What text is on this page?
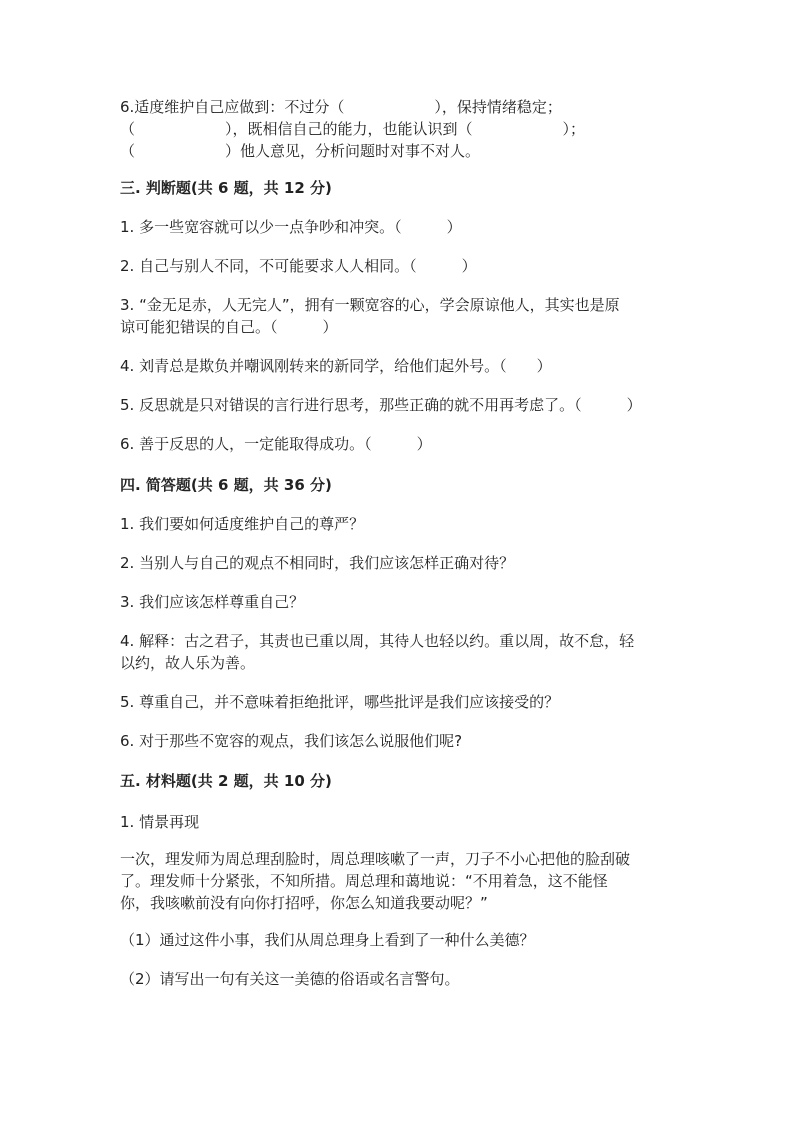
6.适度维护自己应做到：不过分（　　　　　　），保持情绪稳定；
（　　　　　　），既相信自己的能力，也能认识到（　　　　　　）；
（　　　　　　）他人意见，分析问题时对事不对人。
三. 判断题(共 6 题，共 12 分)
1. 多一些宽容就可以少一点争吵和冲突。（　　　）
2. 自己与别人不同，不可能要求人人相同。（　　　）
3. “金无足赤，人无完人”，拥有一颗宽容的心，学会原谅他人，其实也是原
谅可能犯错误的自己。（　　　）
4. 刘青总是欺负并嘲讽刚转来的新同学，给他们起外号。（　　）
5. 反思就是只对错误的言行进行思考，那些正确的就不用再考虑了。（　　　）
6. 善于反思的人，一定能取得成功。（　　　）
四. 简答题(共 6 题，共 36 分)
1. 我们要如何适度维护自己的尊严？
2. 当别人与自己的观点不相同时，我们应该怎样正确对待？
3. 我们应该怎样尊重自己？
4. 解释：古之君子，其责也已重以周，其待人也轻以约。重以周，故不怠，轻
以约，故人乐为善。
5. 尊重自己，并不意味着拒绝批评，哪些批评是我们应该接受的？
6. 对于那些不宽容的观点，我们该怎么说服他们呢?
五. 材料题(共 2 题，共 10 分)
1. 情景再现
一次，理发师为周总理刮脸时，周总理咳嗽了一声，刀子不小心把他的脸刮破
了。理发师十分紧张，不知所措。周总理和蔼地说：“不用着急，这不能怪
你，我咳嗽前没有向你打招呼，你怎么知道我要动呢？”
（1）通过这件小事，我们从周总理身上看到了一种什么美德？
（2）请写出一句有关这一美德的俗语或名言警句。
